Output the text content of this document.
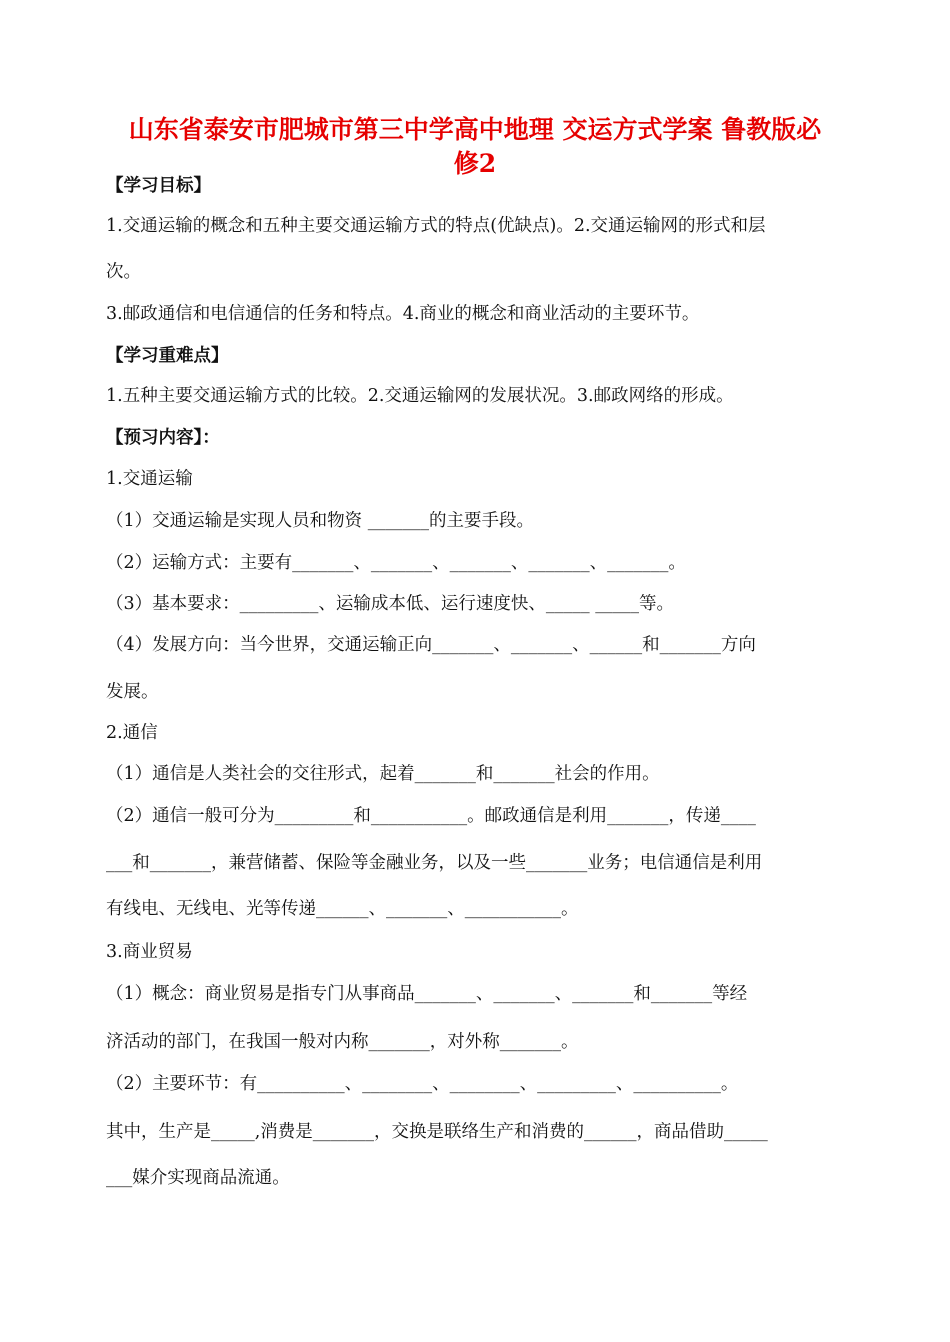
山东省泰安市肥城市第三中学高中地理 交运方式学案 鲁教版必
修2
【学习目标】
1.交通运输的概念和五种主要交通运输方式的特点(优缺点)。2.交通运输网的形式和层
次。
3.邮政通信和电信通信的任务和特点。4.商业的概念和商业活动的主要环节。
【学习重难点】
1.五种主要交通运输方式的比较。2.交通运输网的发展状况。3.邮政网络的形成。
【预习内容】：
1.交通运输
（1）交通运输是实现人员和物资 _______的主要手段。
（2）运输方式：主要有_______、_______、_______、_______、_______。
（3）基本要求：_________、运输成本低、运行速度快、_____ _____等。
（4）发展方向：当今世界，交通运输正向_______、_______、______和_______方向
发展。
2.通信
（1）通信是人类社会的交往形式，起着_______和_______社会的作用。
（2）通信一般可分为_________和___________。邮政通信是利用_______，传递____
___和_______，兼营储蓄、保险等金融业务，以及一些_______业务；电信通信是利用
有线电、无线电、光等传递______、_______、___________。
3.商业贸易
（1）概念：商业贸易是指专门从事商品_______、_______、_______和_______等经
济活动的部门，在我国一般对内称_______，对外称_______。
（2）主要环节：有__________、________、________、_________、__________。
其中，生产是_____,消费是_______，交换是联络生产和消费的______，商品借助_____
___媒介实现商品流通。
